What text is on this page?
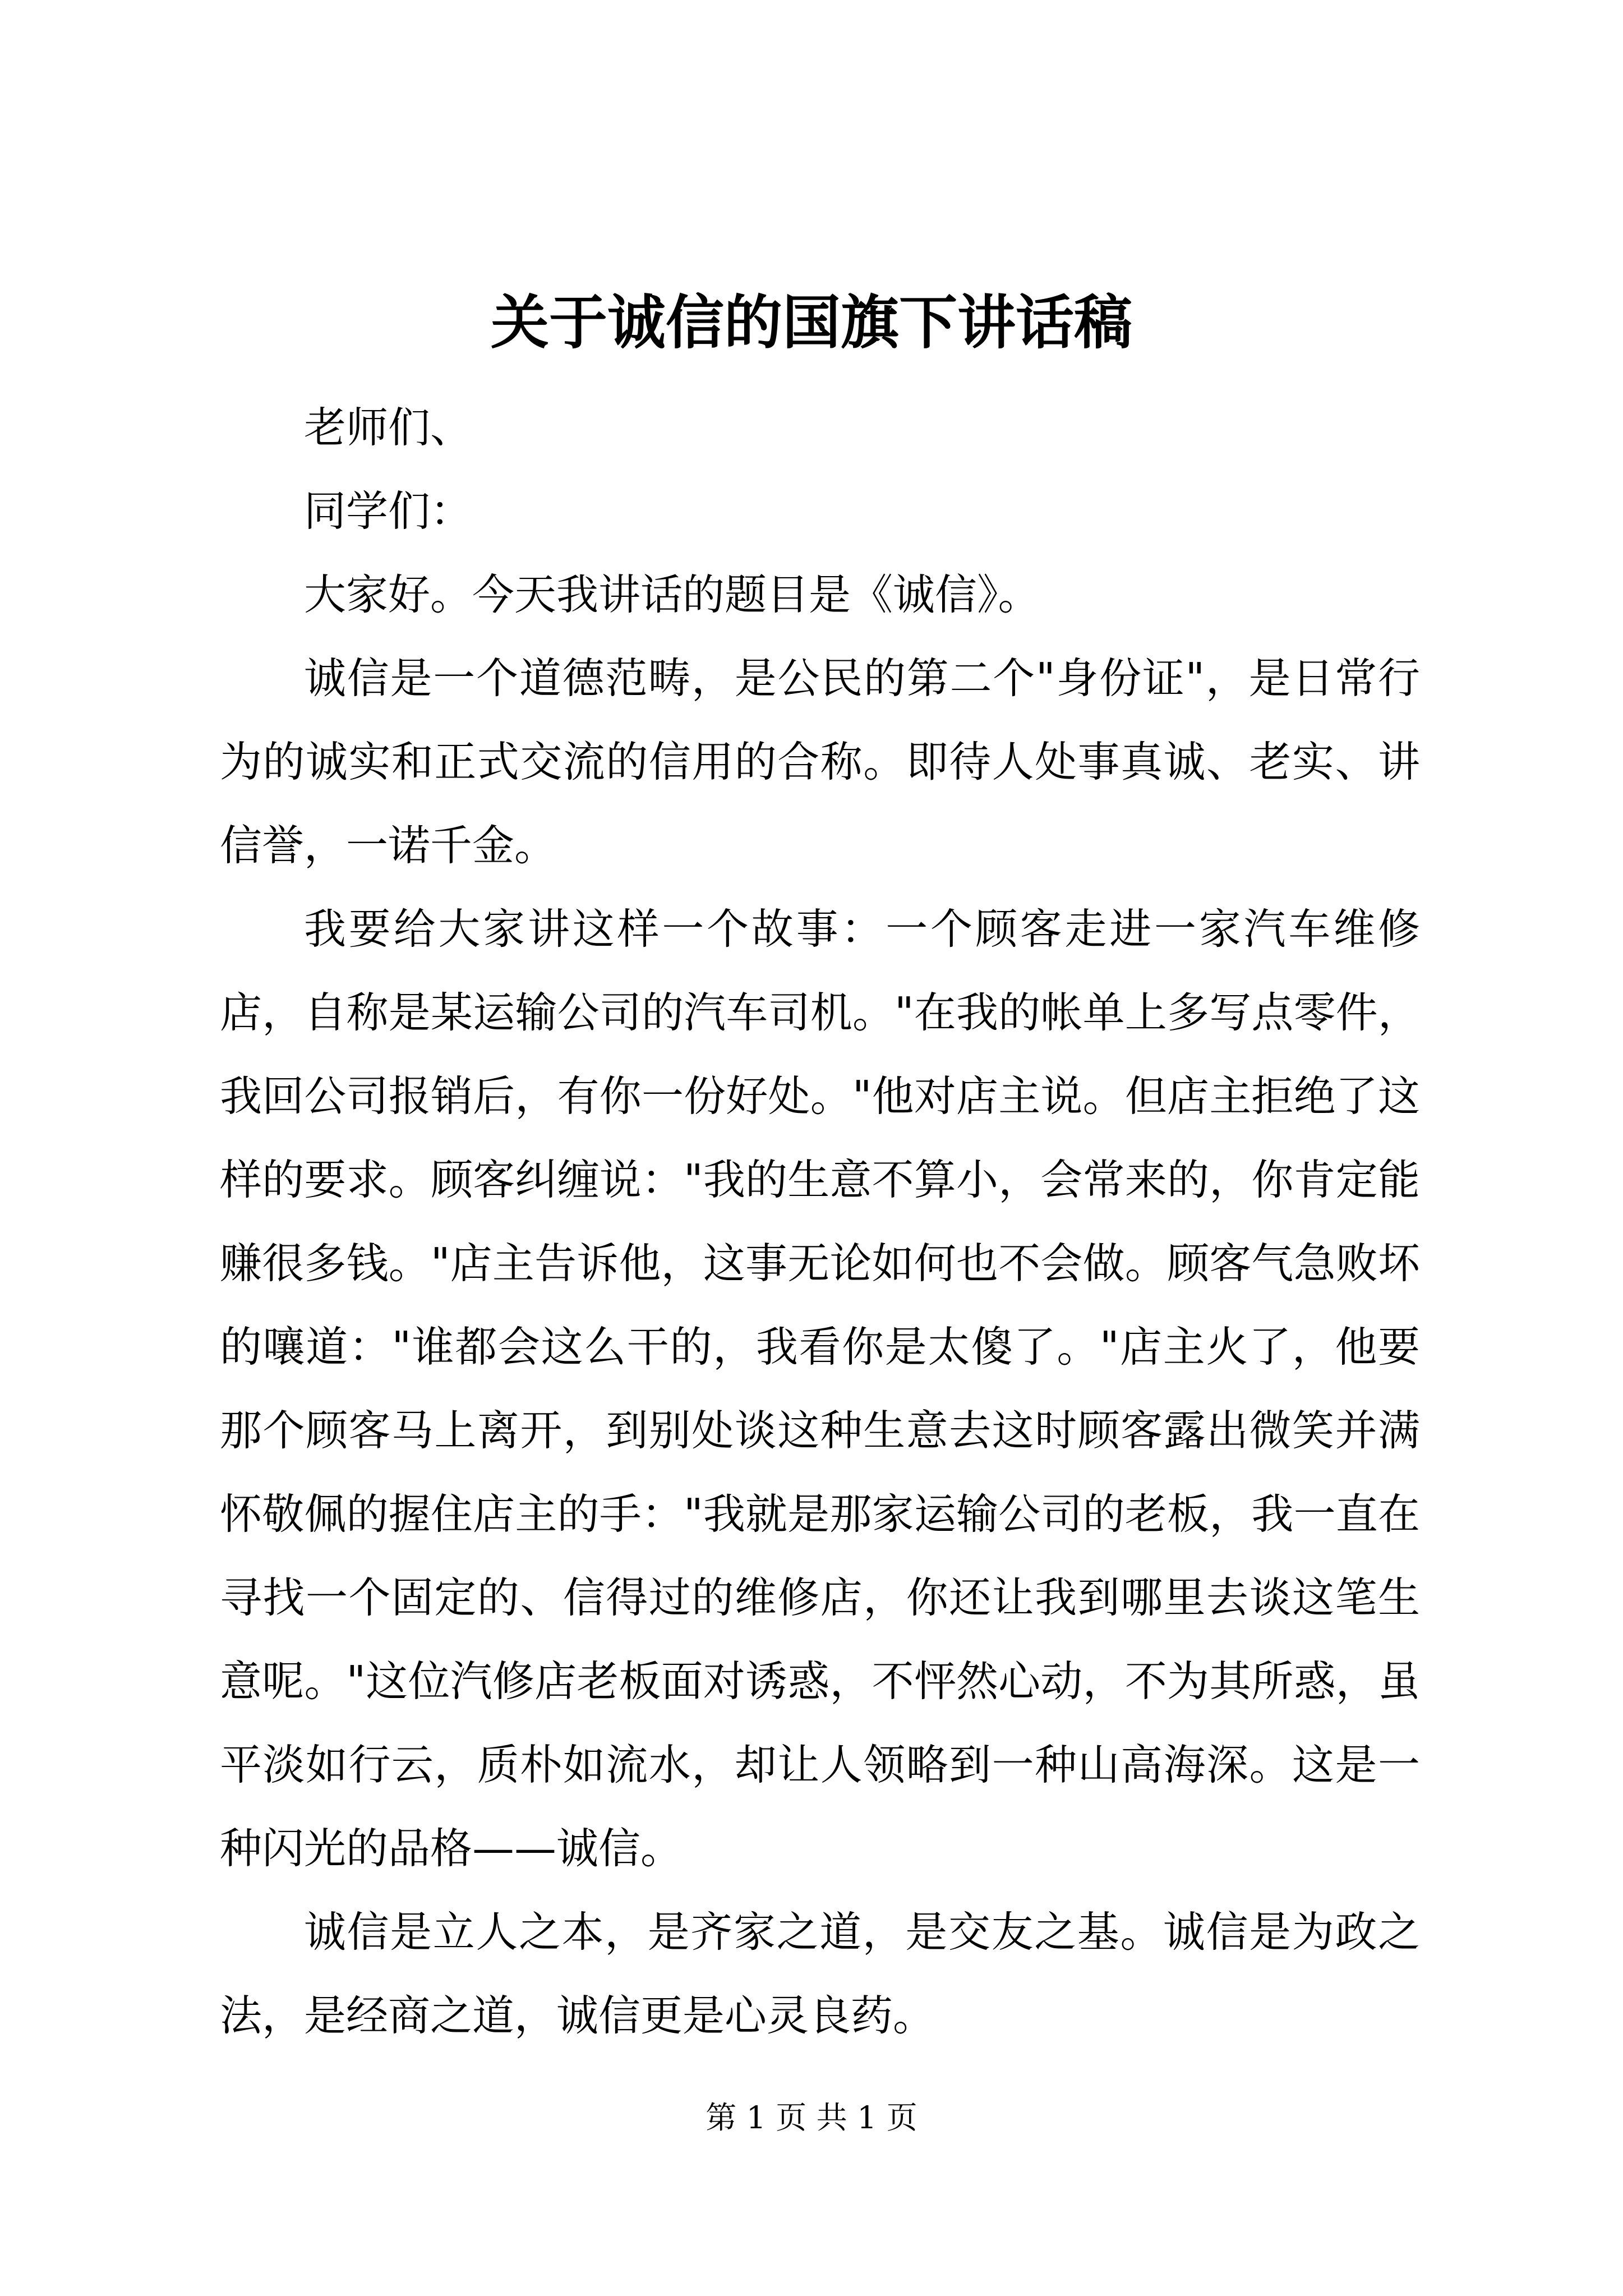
关于诚信的国旗下讲话稿

老师们、

同学们：

大家好。今天我讲话的题目是《诚信》。

诚信是一个道德范畴，是公民的第二个"身份证"，是日常行为的诚实和正式交流的信用的合称。即待人处事真诚、老实、讲信誉，一诺千金。

我要给大家讲这样一个故事：一个顾客走进一家汽车维修店，自称是某运输公司的汽车司机。"在我的帐单上多写点零件，我回公司报销后，有你一份好处。"他对店主说。但店主拒绝了这样的要求。顾客纠缠说："我的生意不算小，会常来的，你肯定能赚很多钱。"店主告诉他，这事无论如何也不会做。顾客气急败坏的嚷道："谁都会这么干的，我看你是太傻了。"店主火了，他要那个顾客马上离开，到别处谈这种生意去这时顾客露出微笑并满怀敬佩的握住店主的手："我就是那家运输公司的老板，我一直在寻找一个固定的、信得过的维修店，你还让我到哪里去谈这笔生意呢。"这位汽修店老板面对诱惑，不怦然心动，不为其所惑，虽平淡如行云，质朴如流水，却让人领略到一种山高海深。这是一种闪光的品格——诚信。

诚信是立人之本，是齐家之道，是交友之基。诚信是为政之法，是经商之道，诚信更是心灵良药。

第 1 页 共 1 页
